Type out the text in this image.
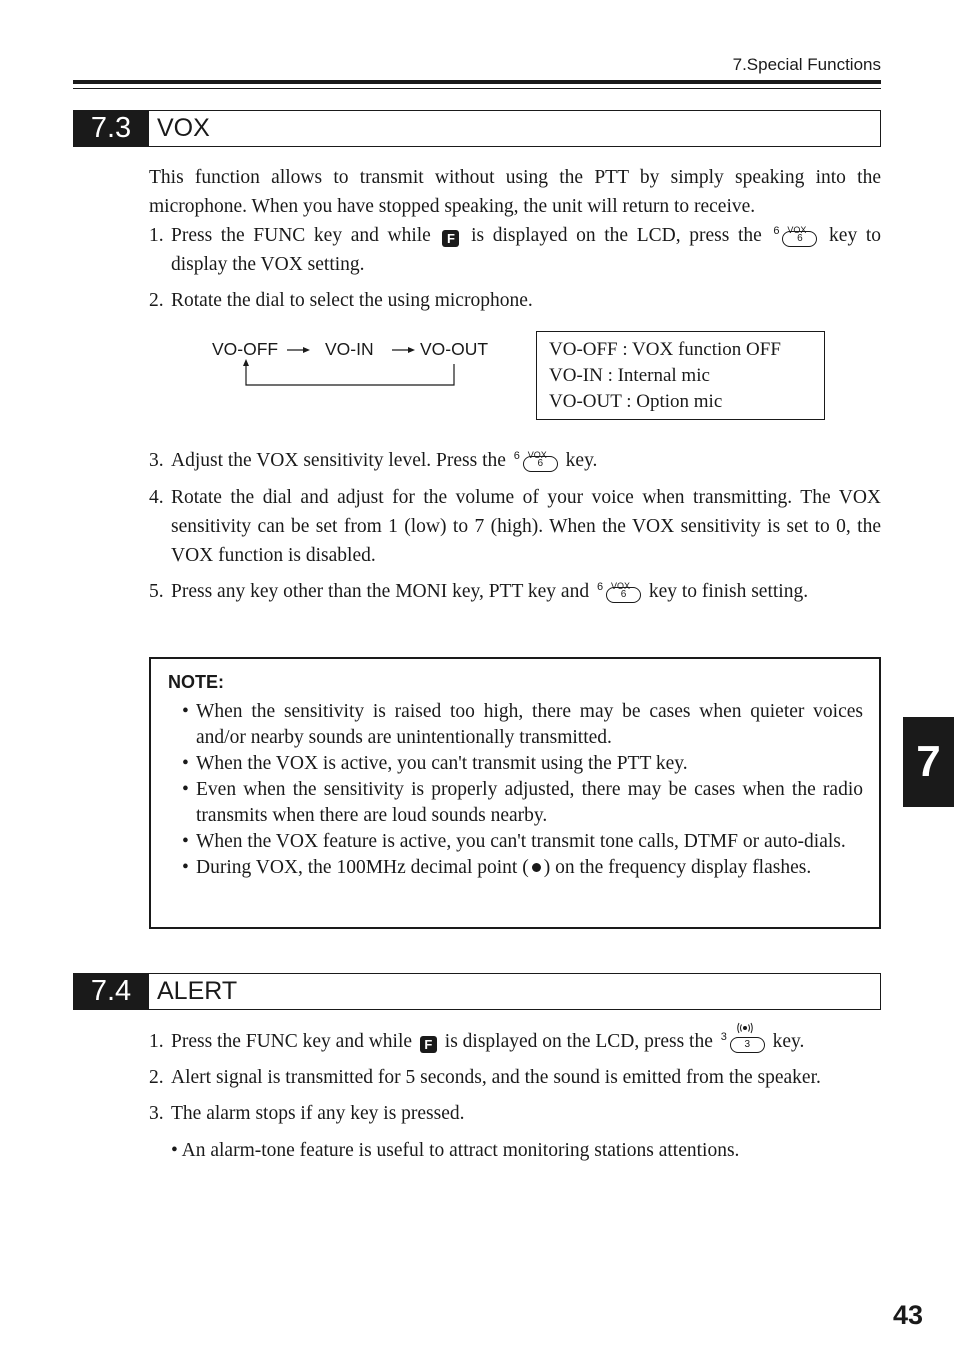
7.Special Functions
7.3	VOX
This function allows to transmit without using the PTT by simply speaking into the microphone. When you have stopped speaking, the unit will return to receive.
1. Press the FUNC key and while F is displayed on the LCD, press the 6 VOX
6	key to display the VOX setting.
2. Rotate the dial to select the using microphone.
VO-OFF	VO-IN	VO-OUT	VO-OFF : VOX function OFF
VO-IN : Internal mic
VO-OUT : Option mic
3. Adjust the VOX sensitivity level. Press the 6 VOX
6	key.
4. Rotate the dial and adjust for the volume of your voice when transmitting. The VOX sensitivity can be set from 1 (low) to 7 (high). When the VOX sensitivity is set to 0, the VOX function is disabled.
5. Press any key other than the MONI key, PTT key and 6 VOX
6	key to finish setting.
NOTE:
• When the sensitivity is raised too high, there may be cases when quieter voices and/or nearby sounds are unintentionally transmitted.
• When the VOX is active, you can't transmit using the PTT key.
• Even when the sensitivity is properly adjusted, there may be cases when the radio transmits when there are loud sounds nearby.
• When the VOX feature is active, you can't transmit tone calls, DTMF or auto-dials.
• During VOX, the 100MHz decimal point ( ) on the frequency display flashes.
7.4	ALERT
1. Press the FUNC key and while F is displayed on the LCD, press the 3
3	key.
2. Alert signal is transmitted for 5 seconds, and the sound is emitted from the speaker.
3. The alarm stops if any key is pressed.
• An alarm-tone feature is useful to attract monitoring stations attentions.
7
43
